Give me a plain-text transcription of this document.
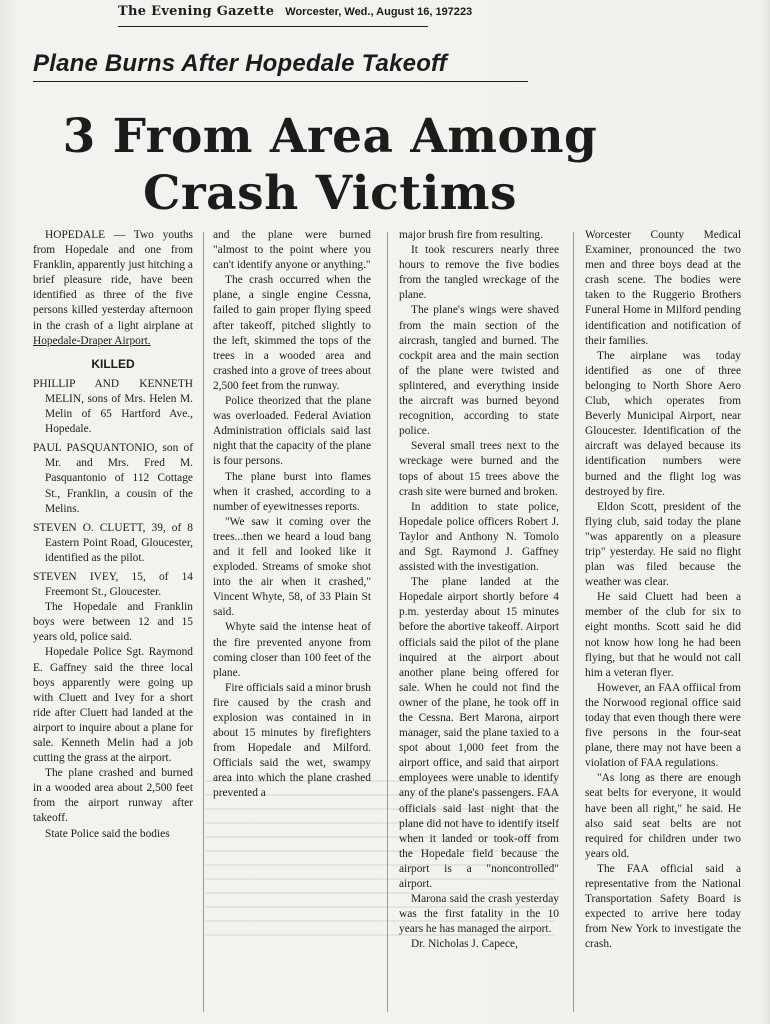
The Evening Gazette Worcester, Wed., August 16, 197223
Plane Burns After Hopedale Takeoff
3 From Area Among
Crash Victims

HOPEDALE — Two youths from Hopedale and one from Franklin, apparently just hitching a brief pleasure ride, have been identified as three of the five persons killed yesterday afternoon in the crash of a light airplane at Hopedale-Draper Airport.

KILLED

PHILLIP AND KENNETH MELIN, sons of Mrs. Helen M. Melin of 65 Hartford Ave., Hopedale.

PAUL PASQUANTONIO, son of Mr. and Mrs. Fred M. Pasquantonio of 112 Cottage St., Franklin, a cousin of the Melins.

STEVEN O. CLUETT, 39, of 8 Eastern Point Road, Gloucester, identified as the pilot.

STEVEN IVEY, 15, of 14 Freemont St., Gloucester.

The Hopedale and Franklin boys were between 12 and 15 years old, police said.

Hopedale Police Sgt. Raymond E. Gaffney said the three local boys apparently were going up with Cluett and Ivey for a short ride after Cluett had landed at the airport to inquire about a plane for sale. Kenneth Melin had a job cutting the grass at the airport.

The plane crashed and burned in a wooded area about 2,500 feet from the airport runway after takeoff.

State Police said the bodies

and the plane were burned "almost to the point where you can't identify anyone or anything."

The crash occurred when the plane, a single engine Cessna, failed to gain proper flying speed after takeoff, pitched slightly to the left, skimmed the tops of the trees in a wooded area and crashed into a grove of trees about 2,500 feet from the runway.

Police theorized that the plane was overloaded. Federal Aviation Administration officials said last night that the capacity of the plane is four persons.

The plane burst into flames when it crashed, according to a number of eyewitnesses reports.

"We saw it coming over the trees...then we heard a loud bang and it fell and looked like it exploded. Streams of smoke shot into the air when it crashed," Vincent Whyte, 58, of 33 Plain St said.

Whyte said the intense heat of the fire prevented anyone from coming closer than 100 feet of the plane.

Fire officials said a minor brush fire caused by the crash and explosion was contained in in about 15 minutes by firefighters from Hopedale and Milford. Officials said the wet, swampy area into which the plane crashed prevented a

major brush fire from resulting.

It took rescurers nearly three hours to remove the five bodies from the tangled wreckage of the plane.

The plane's wings were shaved from the main section of the aircrash, tangled and burned. The cockpit area and the main section of the plane were twisted and splintered, and everything inside the aircraft was burned beyond recognition, according to state police.

Several small trees next to the wreckage were burned and the tops of about 15 trees above the crash site were burned and broken.

In addition to state police, Hopedale police officers Robert J. Taylor and Anthony N. Tomolo and Sgt. Raymond J. Gaffney assisted with the investigation.

The plane landed at the Hopedale airport shortly before 4 p.m. yesterday about 15 minutes before the abortive takeoff. Airport officials said the pilot of the plane inquired at the airport about another plane being offered for sale. When he could not find the owner of the plane, he took off in the Cessna. Bert Marona, airport manager, said the plane taxied to a spot about 1,000 feet from the airport office, and said that airport employees were unable to identify any of the plane's passengers. FAA officials said last night that the plane did not have to identify itself when it landed or took-off from the Hopedale field because the airport is a "noncontrolled" airport.

Marona said the crash yesterday was the first fatality in the 10 years he has managed the airport.

Dr. Nicholas J. Capece,

Worcester County Medical Examiner, pronounced the two men and three boys dead at the crash scene. The bodies were taken to the Ruggerio Brothers Funeral Home in Milford pending identification and notification of their families.

The airplane was today identified as one of three belonging to North Shore Aero Club, which operates from Beverly Municipal Airport, near Gloucester. Identification of the aircraft was delayed because its identification numbers were burned and the flight log was destroyed by fire.

Eldon Scott, president of the flying club, said today the plane "was apparently on a pleasure trip" yesterday. He said no flight plan was filed because the weather was clear.

He said Cluett had been a member of the club for six to eight months. Scott said he did not know how long he had been flying, but that he would not call him a veteran flyer.

However, an FAA offiical from the Norwood regional office said today that even though there were five persons in the four-seat plane, there may not have been a violation of FAA regulations.

"As long as there are enough seat belts for everyone, it would have been all right," he said. He also said seat belts are not required for children under two years old.

The FAA official said a representative from the National Transportation Safety Board is expected to arrive here today from New York to investigate the crash.
